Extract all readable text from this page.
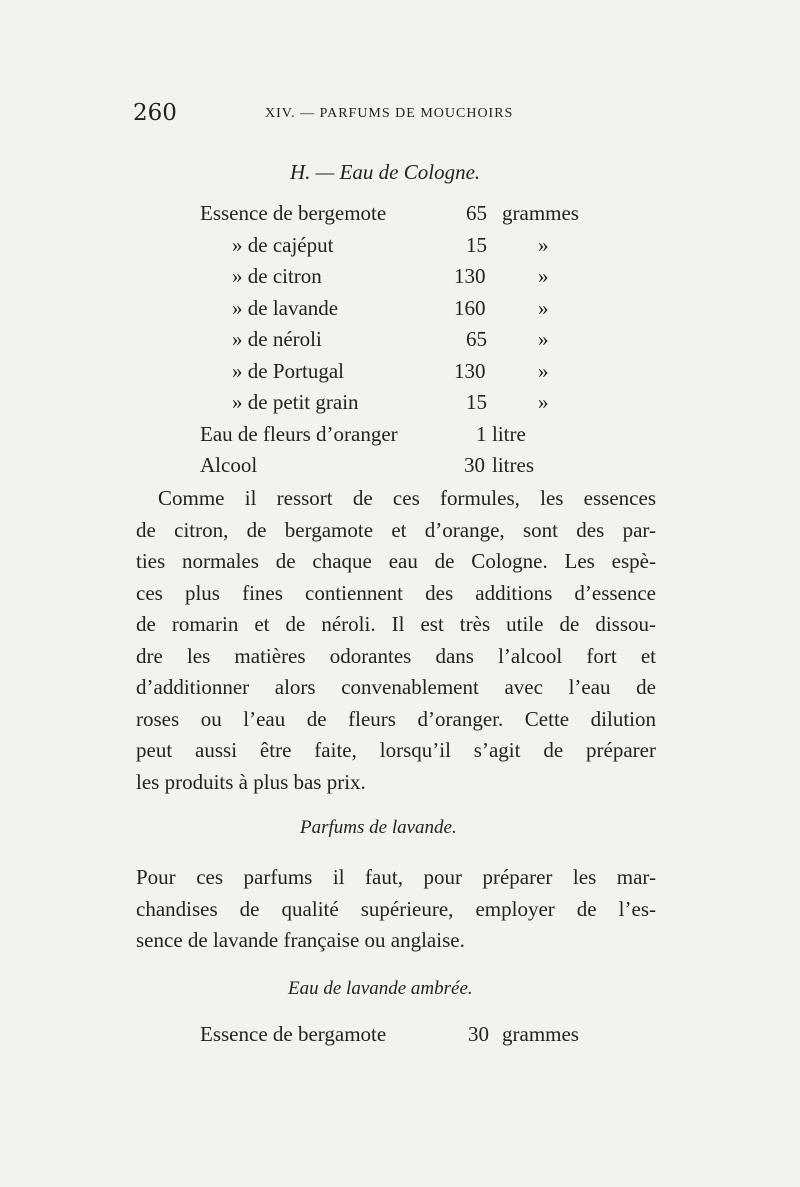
260	XIV. — PARFUMS DE MOUCHOIRS
H. — Eau de Cologne.
Essence de bergemote	65 grammes
» de cajéput	15 »
» de citron	130	»
» de lavande	160	»
» de néroli	65 »
» de Portugal	130	»
» de petit grain	15 »
Eau de fleurs d’oranger	1 litre
Alcool	30 litres
Comme il ressort de ces formules, les essences
de citron, de bergamote et d’orange, sont des par-
ties normales de chaque eau de Cologne. Les espè-
ces plus fines contiennent des additions d’essence
de romarin et de néroli. Il est très utile de dissou-
dre les matières odorantes dans l’alcool fort et
d’additionner alors convenablement avec l’eau de
roses ou l’eau de fleurs d’oranger. Cette dilution
peut aussi être faite, lorsqu’il s’agit de préparer
les produits à plus bas prix.
Parfums de lavande.
Pour ces parfums il faut, pour préparer les mar-
chandises de qualité supérieure, employer de l’es-
sence de lavande française ou anglaise.
Eau de lavande ambrée.
Essence de bergamote	30 grammes
